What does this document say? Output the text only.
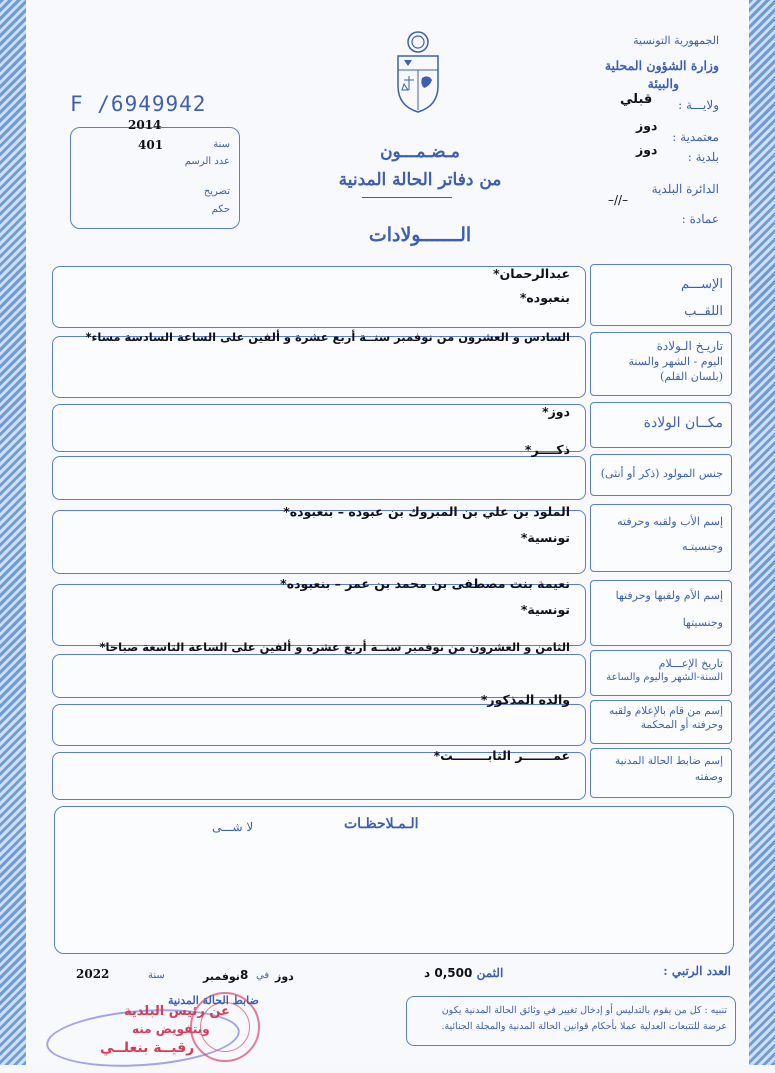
الجمهورية التونسية
وزارة الشؤون المحلية
والبيئة
ولايـــة :
قبلي
معتمدية :
دوز
بلدية :
دوز
الدائرة البلدية
–//–
عمادة :
F /6949942
2014
401	سنة
عدد الرسم
تصريح
حكم
مـضـمـــون
من دفاتر الحالة المدنية
الـــــــولادات
الإســـم
اللقــب
عبدالرحمان*
بنعبوده*
تاريـخ الـولادة
اليوم - الشهر والسنة
(بلسان القلم)
السادس و العشرون من نوفمبر سنــة أربع عشرة و ألفين على الساعة السادسة مساء*
مكــان الولادة
دوز*
جنس المولود (ذكر أو أنثى)
ذكــــر*
إسم الأب ولقبه وحرفته
وجنسيتـه
الملود بن علي بن المبروك بن عبوده – بنعبوده*
تونسية*
إسم الأم ولقبها وحرفتها
وجنسيتها
نعيمة بنت مصطفى بن محمد بن عمر – بنعبوده*
تونسية*
تاريخ الإعـــلام
السنة-الشهر واليوم والساعة
الثامن و العشرون من نوفمبر سنــة أربع عشرة و ألفين على الساعة التاسعة صباحا*
إسم من قام بالإعلام ولقبه
وحرفته أو المحكمة
والده المذكور*
إسم ضابط الحالة المدنية
وصفته
عمـــــــر الثابــــــــت*
الـمـلاحظـات
لا شـــى
العدد الرتبي :
الثمن :
0,500 د
دوز
في
8
نوفمبر
سنة
2022
ضابط الحالة المدنية
عن رئيس البلدية
وبتفويض منه
رقيــة بنعلــي
تنبيه : كل من يقوم بالتدليس أو إدخال تغيير في وثائق الحالة المدنية يكون عرضة للتتبعات العدلية عملا بأحكام قوانين الحالة المدنية والمجلة الجنائية.
